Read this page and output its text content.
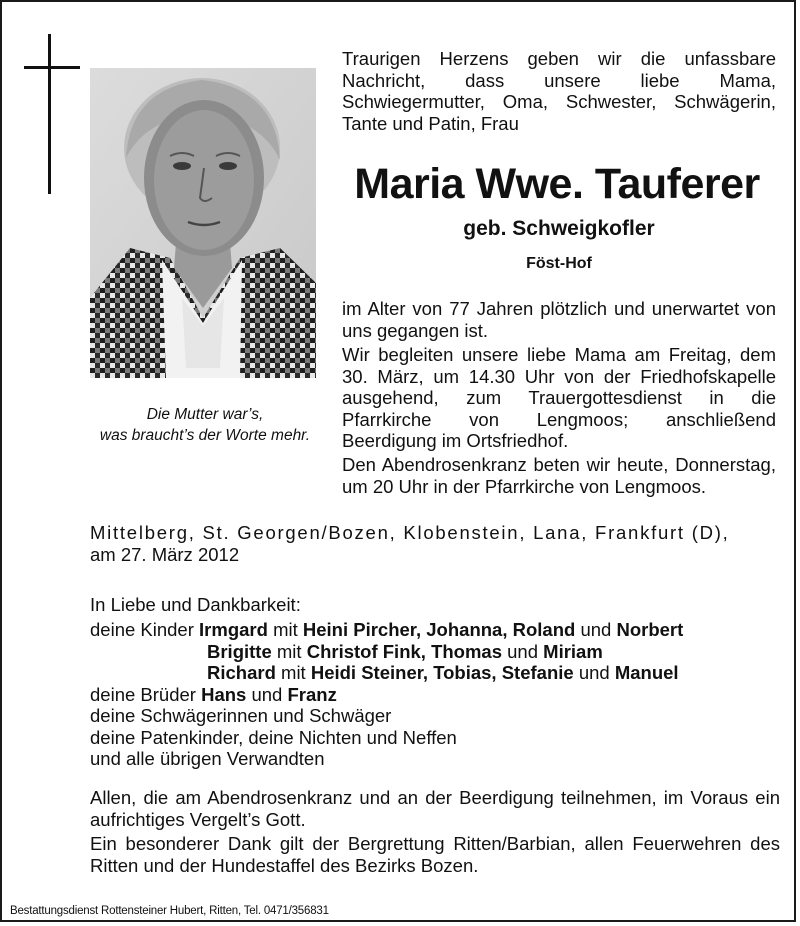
Die Mutter war’s,
was braucht’s der Worte mehr.
Traurigen Herzens geben wir die unfassbare Nachricht, dass unsere liebe Mama, Schwiegermutter, Oma, Schwester, Schwägerin, Tante und Patin, Frau
Maria Wwe. Tauferer
geb. Schweigkofler
Föst-Hof
im Alter von 77 Jahren plötzlich und unerwartet von uns gegangen ist.
Wir begleiten unsere liebe Mama am Freitag, dem 30. März, um 14.30 Uhr von der Friedhofskapelle ausgehend, zum Trauergottesdienst in die Pfarrkirche von Lengmoos; anschließend Beerdigung im Ortsfriedhof.
Den Abendrosenkranz beten wir heute, Donnerstag, um 20 Uhr in der Pfarrkirche von Lengmoos.
Mittelberg, St. Georgen/Bozen, Klobenstein, Lana, Frankfurt (D),
am 27. März 2012
In Liebe und Dankbarkeit:
deine Kinder Irmgard mit Heini Pircher, Johanna, Roland und Norbert
Brigitte mit Christof Fink, Thomas und Miriam
Richard mit Heidi Steiner, Tobias, Stefanie und Manuel
deine Brüder Hans und Franz
deine Schwägerinnen und Schwäger
deine Patenkinder, deine Nichten und Neffen
und alle übrigen Verwandten
Allen, die am Abendrosenkranz und an der Beerdigung teilnehmen, im Voraus ein aufrichtiges Vergelt’s Gott.
Ein besonderer Dank gilt der Bergrettung Ritten/Barbian, allen Feuerwehren des Ritten und der Hundestaffel des Bezirks Bozen.
Bestattungsdienst Rottensteiner Hubert, Ritten, Tel. 0471/356831
